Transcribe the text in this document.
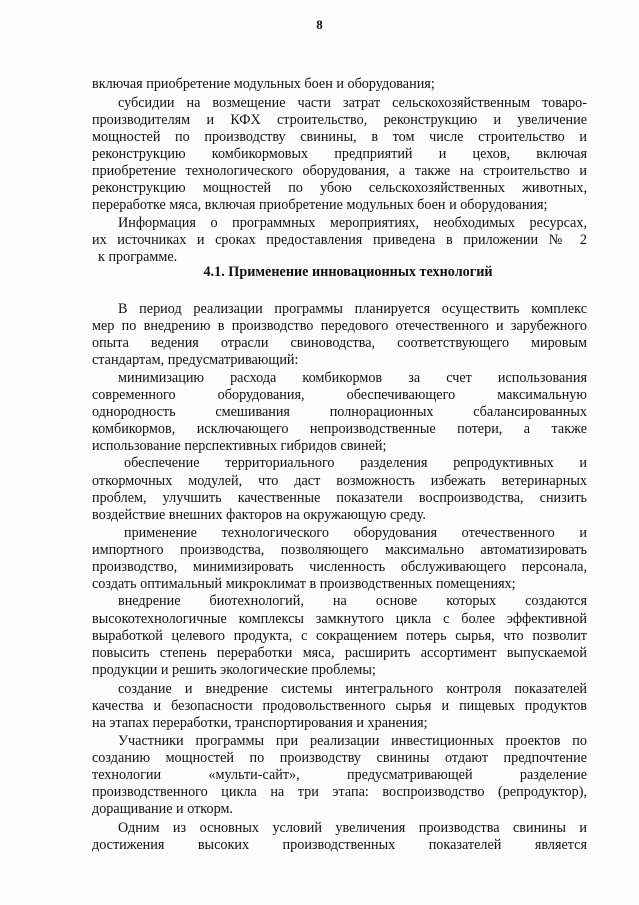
8
включая приобретение модульных боен и оборудования;
субсидии на возмещение части затрат сельскохозяйственным товаро-
производителям и КФХ строительство, реконструкцию и увеличение
мощностей по производству свинины, в том числе строительство и
реконструкцию комбикормовых предприятий и цехов, включая
приобретение технологического оборудования, а также на строительство и
реконструкцию мощностей по убою сельскохозяйственных животных,
переработке мяса, включая приобретение модульных боен и оборудования;
Информация о программных мероприятиях, необходимых ресурсах,
их источниках и сроках предоставления приведена в приложении № 2
к программе.
4.1. Применение инновационных технологий
В период реализации программы планируется осуществить комплекс
мер по внедрению в производство передового отечественного и зарубежного
опыта ведения отрасли свиноводства, соответствующего мировым
стандартам, предусматривающий:
минимизацию расхода комбикормов за счет использования
современного оборудования, обеспечивающего максимальную
однородность смешивания полнорационных сбалансированных
комбикормов, исключающего непроизводственные потери, а также
использование перспективных гибридов свиней;
обеспечение территориального разделения репродуктивных и
откормочных модулей, что даст возможность избежать ветеринарных
проблем, улучшить качественные показатели воспроизводства, снизить
воздействие внешних факторов на окружающую среду.
применение технологического оборудования отечественного и
импортного производства, позволяющего максимально автоматизировать
производство, минимизировать численность обслуживающего персонала,
создать оптимальный микроклимат в производственных помещениях;
внедрение биотехнологий, на основе которых создаются
высокотехнологичные комплексы замкнутого цикла с более эффективной
выработкой целевого продукта, с сокращением потерь сырья, что позволит
повысить степень переработки мяса, расширить ассортимент выпускаемой
продукции и решить экологические проблемы;
создание и внедрение системы интегрального контроля показателей
качества и безопасности продовольственного сырья и пищевых продуктов
на этапах переработки, транспортирования и хранения;
Участники программы при реализации инвестиционных проектов по
созданию мощностей по производству свинины отдают предпочтение
технологии «мульти-сайт», предусматривающей разделение
производственного цикла на три этапа: воспроизводство (репродуктор),
доращивание и откорм.
Одним из основных условий увеличения производства свинины и
достижения высоких производственных показателей является
